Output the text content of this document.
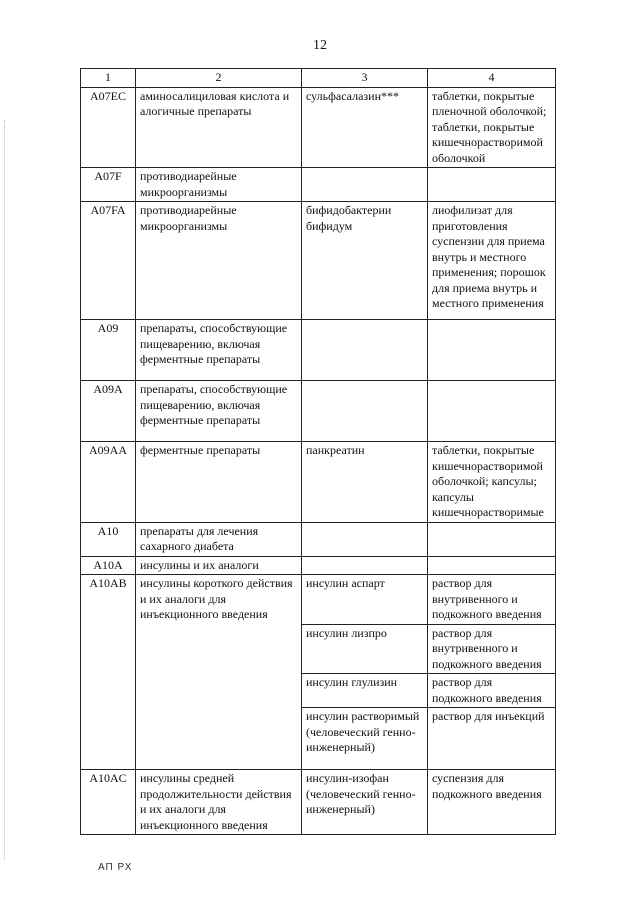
12
1	2	3	4
A07EC	аминосалициловая кислота и алогичные препараты	сульфасалазин***	таблетки, покрытые пленочной оболочкой; таблетки, покрытые кишечнорастворимой оболочкой
A07F	противодиарейные микроорганизмы		
A07FA	противодиарейные микроорганизмы	бифидобактерии бифидум	лиофилизат для приготовления суспензии для приема внутрь и местного применения; порошок для приема внутрь и местного применения
A09	препараты, способствующие пищеварению, включая ферментные препараты		
A09A	препараты, способствующие пищеварению, включая ферментные препараты		
A09AA	ферментные препараты	панкреатин	таблетки, покрытые кишечнорастворимой оболочкой; капсулы; капсулы кишечнорастворимые
A10	препараты для лечения сахарного диабета		
A10A	инсулины и их аналоги		
A10AB	инсулины короткого действия и их аналоги для инъекционного введения	инсулин аспарт	раствор для внутривенного и подкожного введения
		инсулин лизпро	раствор для внутривенного и подкожного введения
		инсулин глулизин	раствор для подкожного введения
		инсулин растворимый (человеческий генно-инженерный)	раствор для инъекций
A10AC	инсулины средней продолжительности действия и их аналоги для инъекционного введения	инсулин-изофан (человеческий генно-инженерный)	суспензия для подкожного введения
АП РХ
